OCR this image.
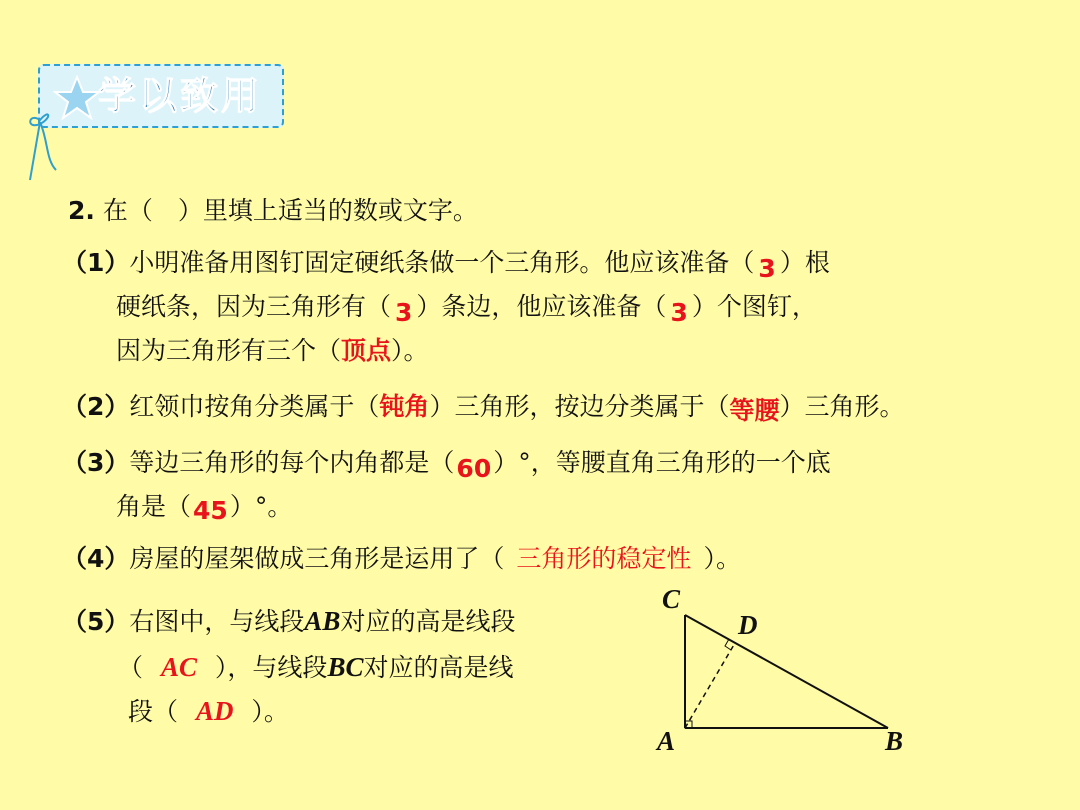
学以致用
2. 在（　）里填上适当的数或文字。
（1）小明准备用图钉固定硬纸条做一个三角形。他应该准备（ 3 ）根
硬纸条，因为三角形有（ 3 ）条边，他应该准备（ 3 ）个图钉，
因为三角形有三个（顶点）。
（2）红领巾按角分类属于（钝角）三角形，按边分类属于（等腰）三角形。
（3）等边三角形的每个内角都是（60）°，等腰直角三角形的一个底
角是（45）°。
（4）房屋的屋架做成三角形是运用了（ 三角形的稳定性 ）。
（5）右图中，与线段AB对应的高是线段
（ AC ），与线段BC对应的高是线
段（ AD ）。
C
D
A	B
